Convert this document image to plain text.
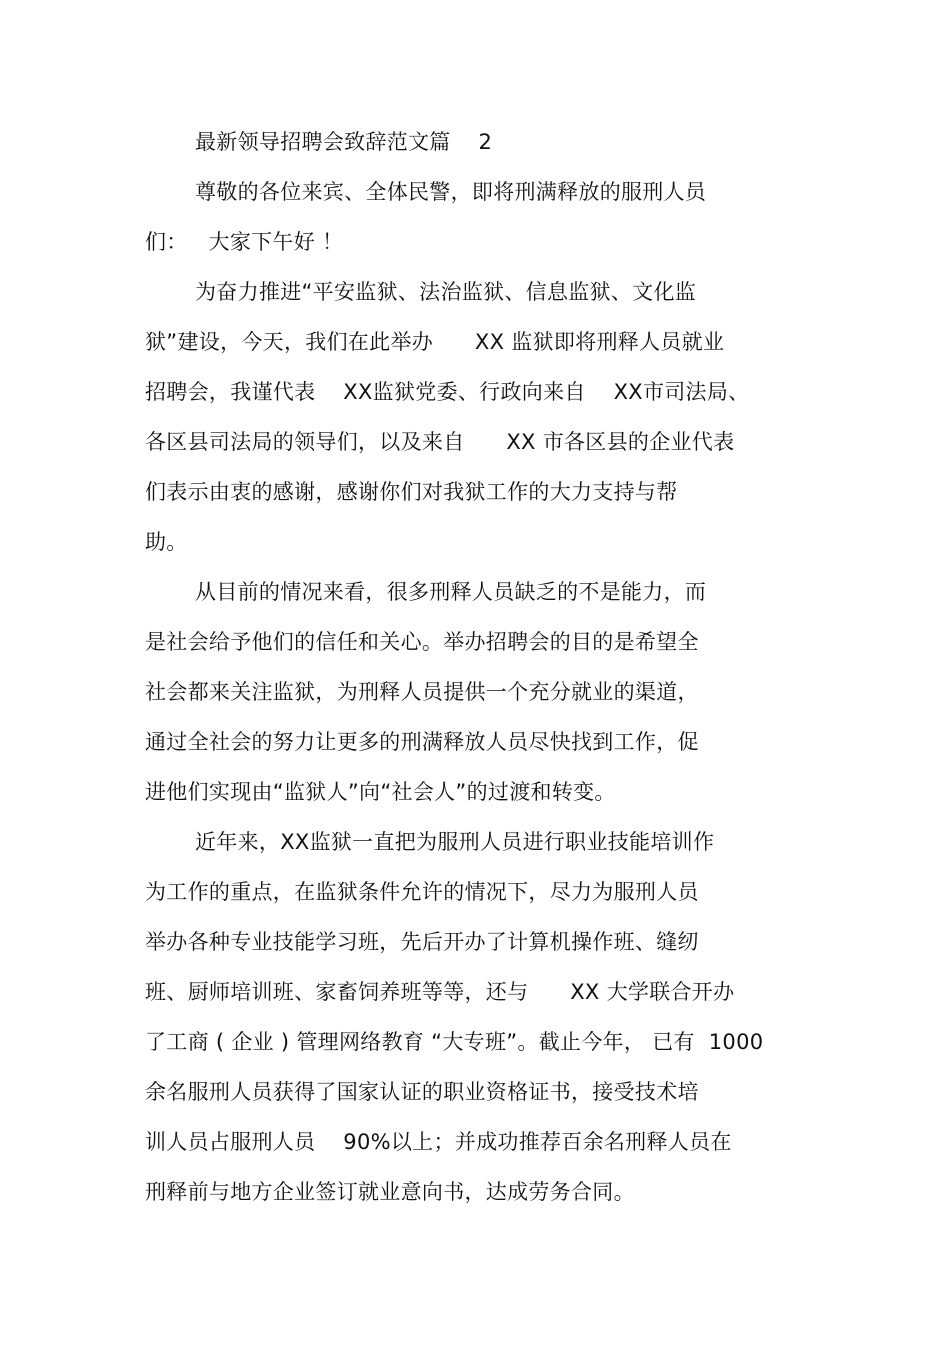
最新领导招聘会致辞范文篇    2
尊敬的各位来宾、全体民警，即将刑满释放的服刑人员
们：   大家下午好 ！
为奋力推进“平安监狱、法治监狱、信息监狱、文化监
狱”建设，今天，我们在此举办      XX 监狱即将刑释人员就业
招聘会，我谨代表    XX监狱党委、行政向来自    XX市司法局、
各区县司法局的领导们，以及来自      XX 市各区县的企业代表
们表示由衷的感谢，感谢你们对我狱工作的大力支持与帮
助。
从目前的情况来看，很多刑释人员缺乏的不是能力，而
是社会给予他们的信任和关心。举办招聘会的目的是希望全
社会都来关注监狱，为刑释人员提供一个充分就业的渠道，
通过全社会的努力让更多的刑满释放人员尽快找到工作，促
进他们实现由“监狱人”向“社会人”的过渡和转变。
近年来，XX监狱一直把为服刑人员进行职业技能培训作
为工作的重点，在监狱条件允许的情况下，尽力为服刑人员
举办各种专业技能学习班，先后开办了计算机操作班、缝纫
班、厨师培训班、家畜饲养班等等，还与      XX 大学联合开办
了工商 ( 企业 ) 管理网络教育 “大专班”。截止今年， 已有  1000
余名服刑人员获得了国家认证的职业资格证书，接受技术培
训人员占服刑人员    90%以上；并成功推荐百余名刑释人员在
刑释前与地方企业签订就业意向书，达成劳务合同。
